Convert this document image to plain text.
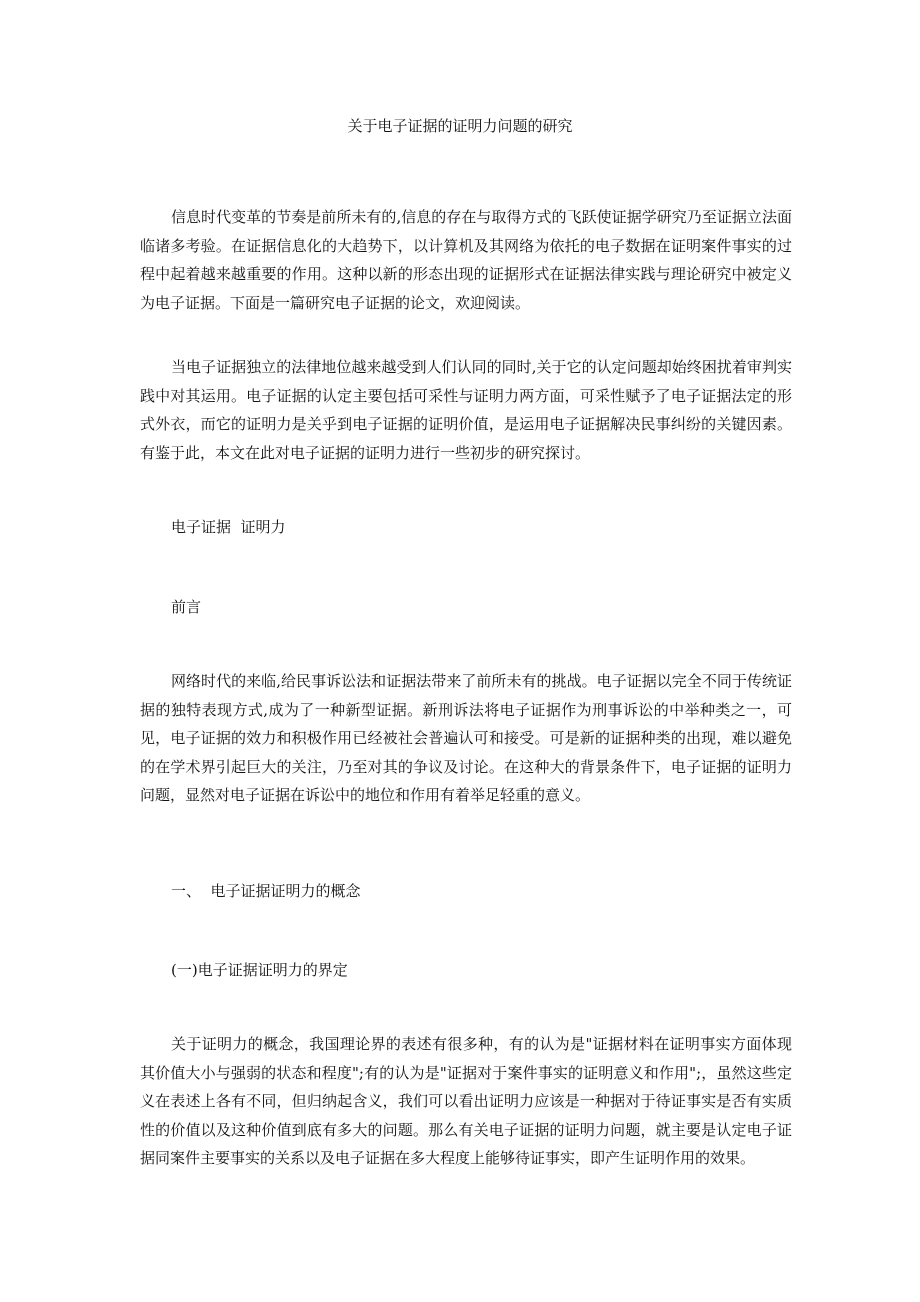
关于电子证据的证明力问题的研究

信息时代变革的节奏是前所未有的,信息的存在与取得方式的飞跃使证据学研究乃至证据立法面临诸多考验。在证据信息化的大趋势下，以计算机及其网络为依托的电子数据在证明案件事实的过程中起着越来越重要的作用。这种以新的形态出现的证据形式在证据法律实践与理论研究中被定义为电子证据。下面是一篇研究电子证据的论文，欢迎阅读。

当电子证据独立的法律地位越来越受到人们认同的同时,关于它的认定问题却始终困扰着审判实践中对其运用。电子证据的认定主要包括可采性与证明力两方面，可采性赋予了电子证据法定的形式外衣，而它的证明力是关乎到电子证据的证明价值，是运用电子证据解决民事纠纷的关键因素。有鉴于此，本文在此对电子证据的证明力进行一些初步的研究探讨。

电子证据  证明力
前言

网络时代的来临,给民事诉讼法和证据法带来了前所未有的挑战。电子证据以完全不同于传统证据的独特表现方式,成为了一种新型证据。新刑诉法将电子证据作为刑事诉讼的中举种类之一，可见，电子证据的效力和积极作用已经被社会普遍认可和接受。可是新的证据种类的出现，难以避免的在学术界引起巨大的关注，乃至对其的争议及讨论。在这种大的背景条件下，电子证据的证明力问题，显然对电子证据在诉讼中的地位和作用有着举足轻重的意义。

一、  电子证据证明力的概念
(一)电子证据证明力的界定

关于证明力的概念，我国理论界的表述有很多种，有的认为是"证据材料在证明事实方面体现其价值大小与强弱的状态和程度";有的认为是"证据对于案件事实的证明意义和作用";，虽然这些定义在表述上各有不同，但归纳起含义，我们可以看出证明力应该是一种据对于待证事实是否有实质性的价值以及这种价值到底有多大的问题。那么有关电子证据的证明力问题，就主要是认定电子证据同案件主要事实的关系以及电子证据在多大程度上能够待证事实，即产生证明作用的效果。
